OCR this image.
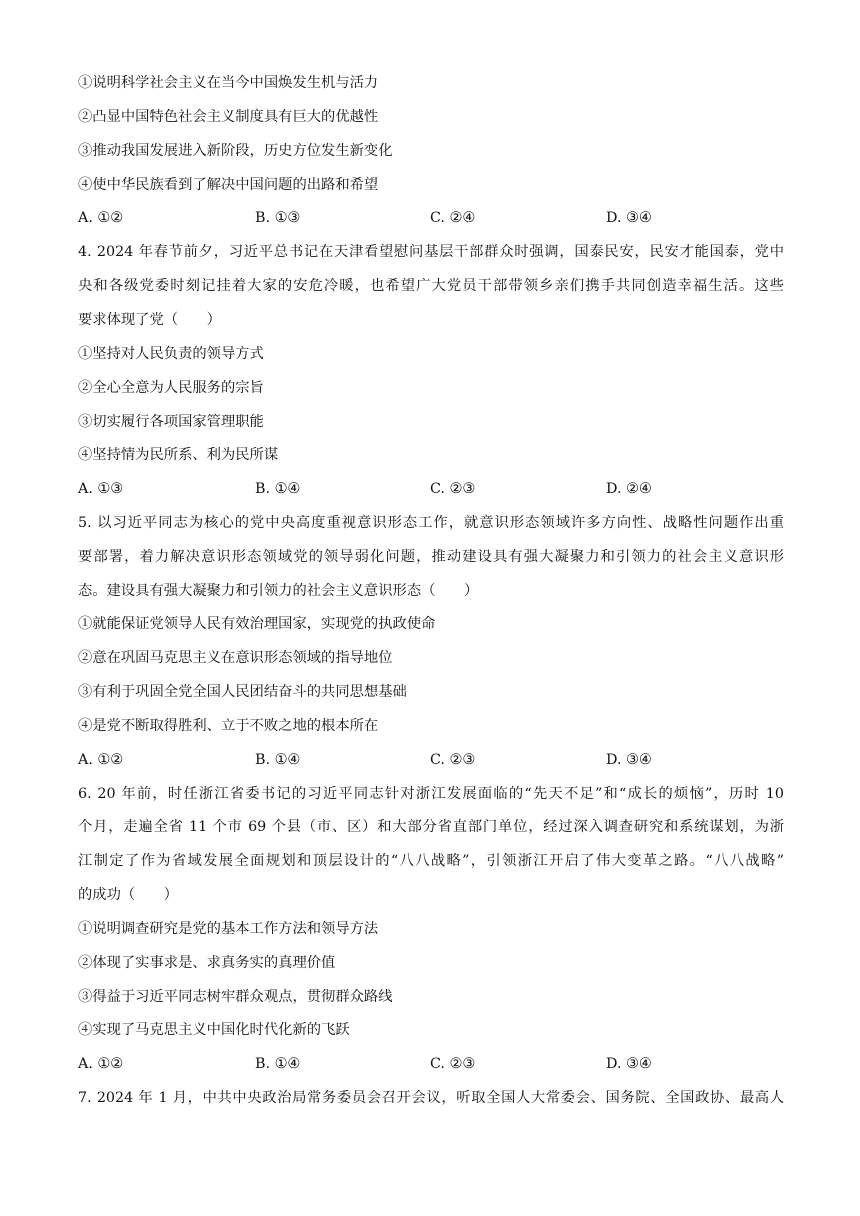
①说明科学社会主义在当今中国焕发生机与活力
②凸显中国特色社会主义制度具有巨大的优越性
③推动我国发展进入新阶段，历史方位发生新变化
④使中华民族看到了解决中国问题的出路和希望
A. ①②	B. ①③	C. ②④	D. ③④
4. 2024 年春节前夕，习近平总书记在天津看望慰问基层干部群众时强调，国泰民安，民安才能国泰，党中
央和各级党委时刻记挂着大家的安危冷暖，也希望广大党员干部带领乡亲们携手共同创造幸福生活。这些
要求体现了党（　　）
①坚持对人民负责的领导方式
②全心全意为人民服务的宗旨
③切实履行各项国家管理职能
④坚持情为民所系、利为民所谋
A. ①③	B. ①④	C. ②③	D. ②④
5. 以习近平同志为核心的党中央高度重视意识形态工作，就意识形态领域许多方向性、战略性问题作出重
要部署，着力解决意识形态领域党的领导弱化问题，推动建设具有强大凝聚力和引领力的社会主义意识形
态。建设具有强大凝聚力和引领力的社会主义意识形态（　　）
①就能保证党领导人民有效治理国家，实现党的执政使命
②意在巩固马克思主义在意识形态领域的指导地位
③有利于巩固全党全国人民团结奋斗的共同思想基础
④是党不断取得胜利、立于不败之地的根本所在
A. ①②	B. ①④	C. ②③	D. ③④
6. 20 年前，时任浙江省委书记的习近平同志针对浙江发展面临的“先天不足”和“成长的烦恼”，历时 10
个月，走遍全省 11 个市 69 个县（市、区）和大部分省直部门单位，经过深入调查研究和系统谋划，为浙
江制定了作为省域发展全面规划和顶层设计的“八八战略”，引领浙江开启了伟大变革之路。“八八战略”
的成功（　　）
①说明调查研究是党的基本工作方法和领导方法
②体现了实事求是、求真务实的真理价值
③得益于习近平同志树牢群众观点，贯彻群众路线
④实现了马克思主义中国化时代化新的飞跃
A. ①②	B. ①④	C. ②③	D. ③④
7. 2024 年 1 月，中共中央政治局常务委员会召开会议，听取全国人大常委会、国务院、全国政协、最高人
